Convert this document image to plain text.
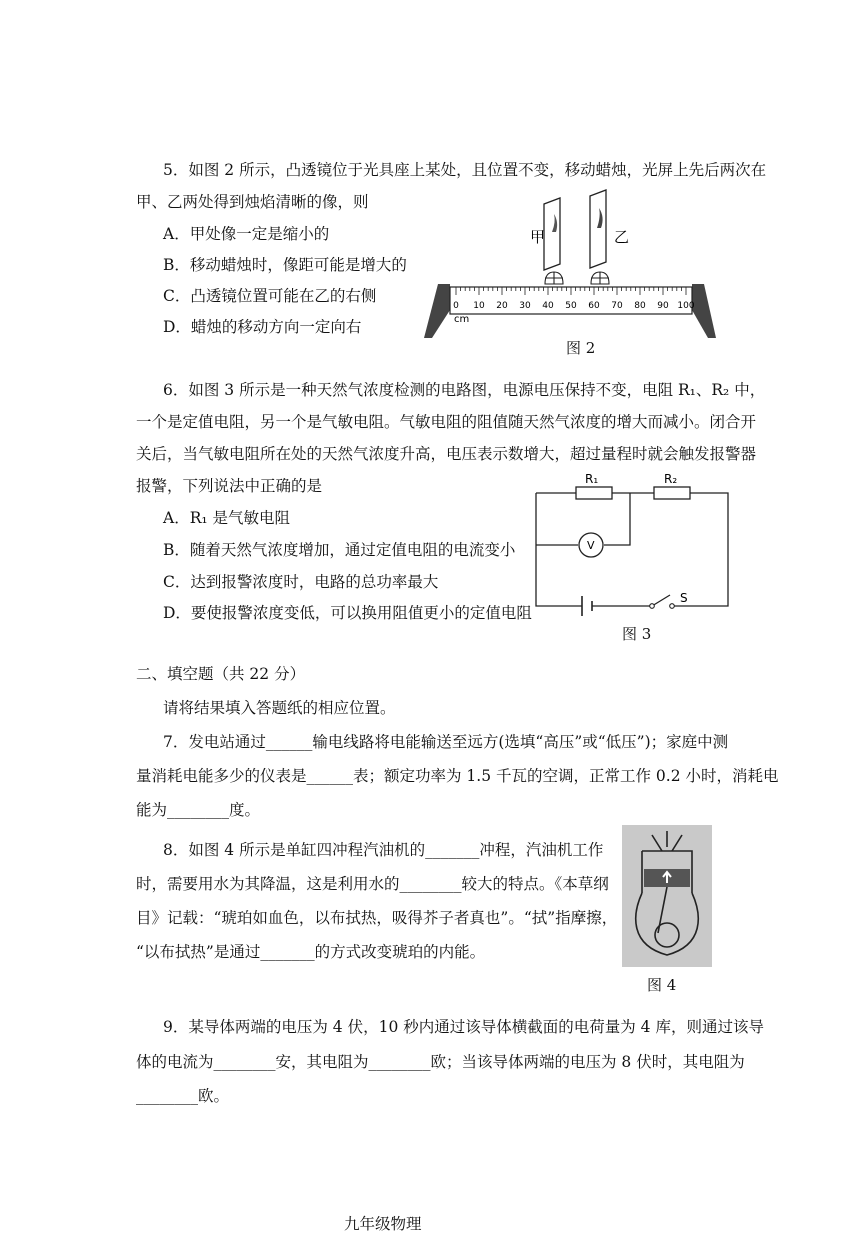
5．如图 2 所示，凸透镜位于光具座上某处，且位置不变，移动蜡烛，光屏上先后两次在
甲、乙两处得到烛焰清晰的像，则
A．甲处像一定是缩小的
B．移动蜡烛时，像距可能是增大的
C．凸透镜位置可能在乙的右侧
D．蜡烛的移动方向一定向右
0 10 20 30 40 50 60 70 80 90 100
cm
甲	乙
图 2
6．如图 3 所示是一种天然气浓度检测的电路图，电源电压保持不变，电阻 R₁、R₂ 中，
一个是定值电阻，另一个是气敏电阻。气敏电阻的阻值随天然气浓度的增大而减小。闭合开
关后，当气敏电阻所在处的天然气浓度升高，电压表示数增大，超过量程时就会触发报警器
报警，下列说法中正确的是
A．R₁ 是气敏电阻
B．随着天然气浓度增加，通过定值电阻的电流变小
C．达到报警浓度时，电路的总功率最大
D．要使报警浓度变低，可以换用阻值更小的定值电阻
R₁	R₂
V
S
图 3
二、填空题（共 22 分）
请将结果填入答题纸的相应位置。
7．发电站通过______输电线路将电能输送至远方(选填“高压”或“低压”)；家庭中测
量消耗电能多少的仪表是______表；额定功率为 1.5 千瓦的空调，正常工作 0.2 小时，消耗电
能为________度。
8．如图 4 所示是单缸四冲程汽油机的_______冲程，汽油机工作
时，需要用水为其降温，这是利用水的________较大的特点。《本草纲
目》记载：“琥珀如血色，以布拭热，吸得芥子者真也”。“拭”指摩擦，
“以布拭热”是通过_______的方式改变琥珀的内能。
图 4
9．某导体两端的电压为 4 伏，10 秒内通过该导体横截面的电荷量为 4 库，则通过该导
体的电流为________安，其电阻为________欧；当该导体两端的电压为 8 伏时，其电阻为
________欧。
九年级物理
